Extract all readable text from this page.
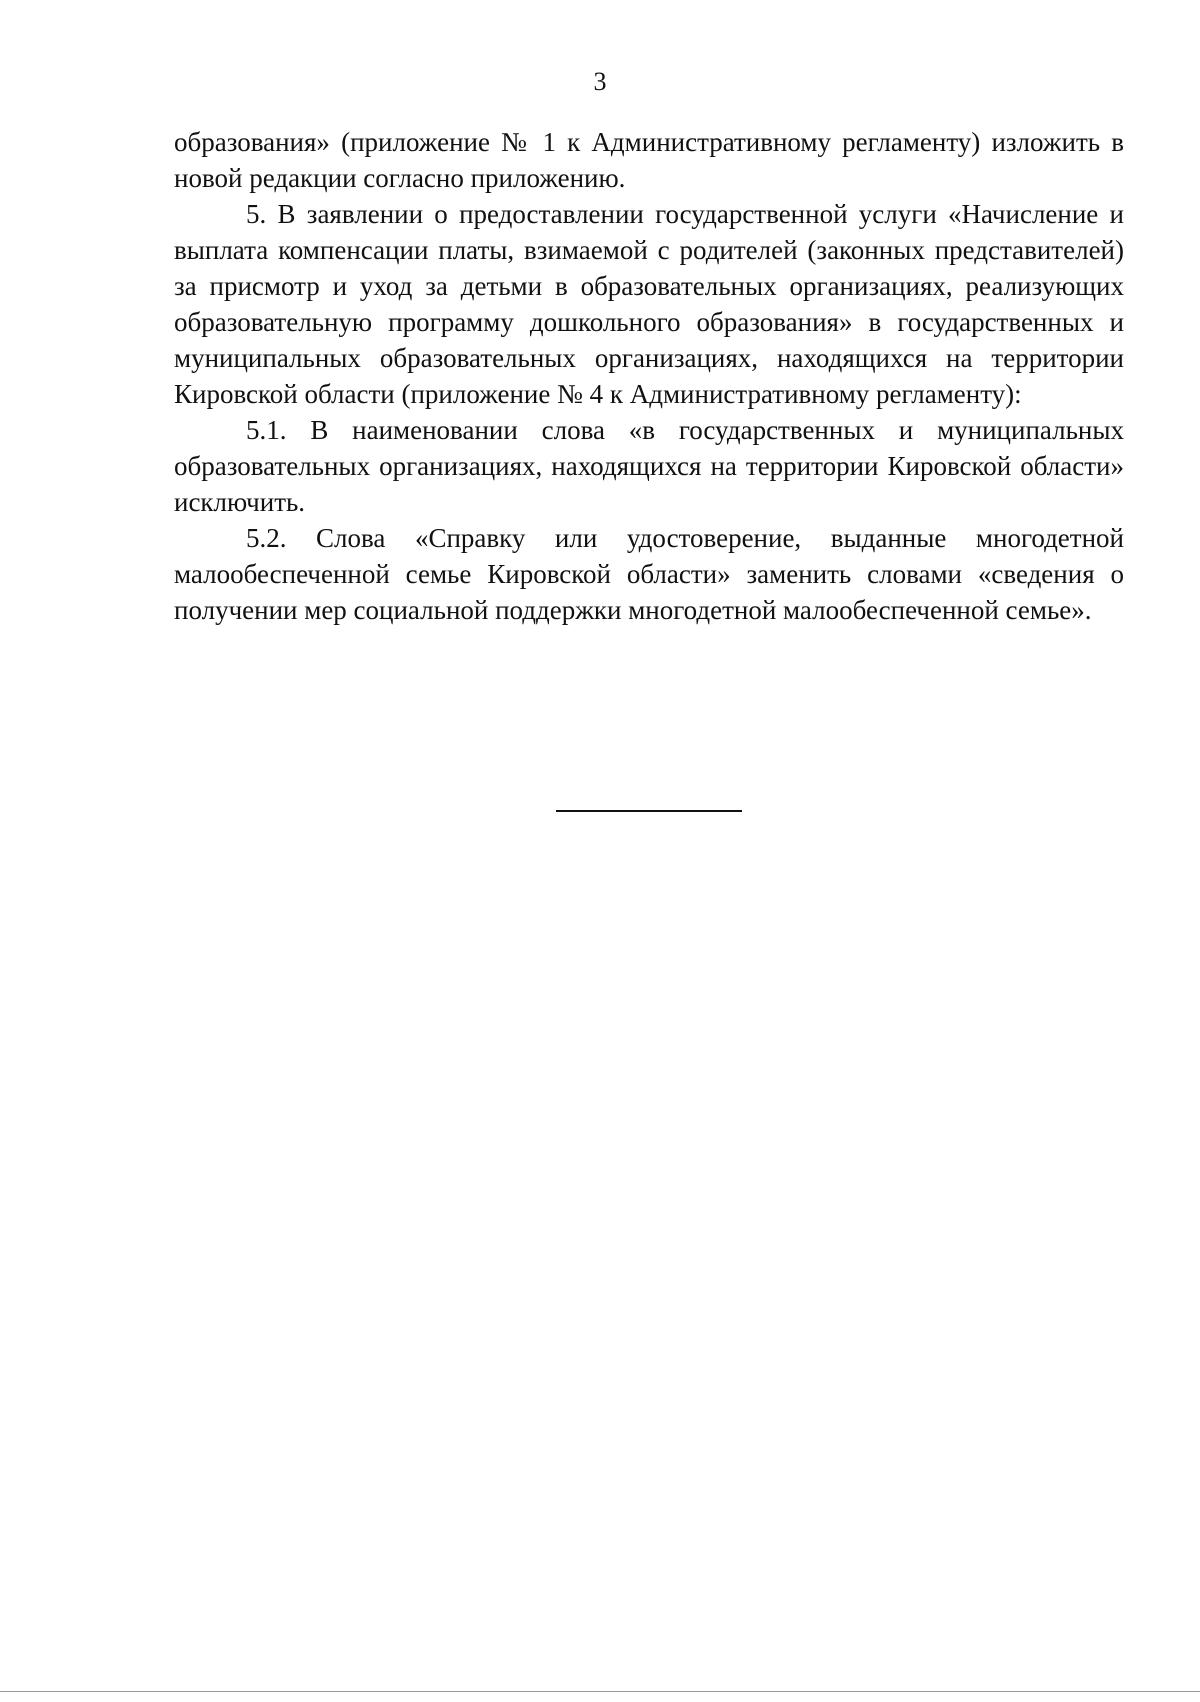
3

образования» (приложение № 1 к Административному регламенту) изложить в новой редакции согласно приложению.

5. В заявлении о предоставлении государственной услуги «Начисление и выплата компенсации платы, взимаемой с родителей (законных представителей) за присмотр и уход за детьми в образовательных организациях, реализующих образовательную программу дошкольного образования» в государственных и муниципальных образовательных организациях, находящихся на территории Кировской области (приложение № 4 к Административному регламенту):

5.1. В наименовании слова «в государственных и муниципальных образовательных организациях, находящихся на территории Кировской области» исключить.

5.2. Слова «Справку или удостоверение, выданные многодетной малообеспеченной семье Кировской области» заменить словами «сведения о получении мер социальной поддержки многодетной малообеспеченной семье».
